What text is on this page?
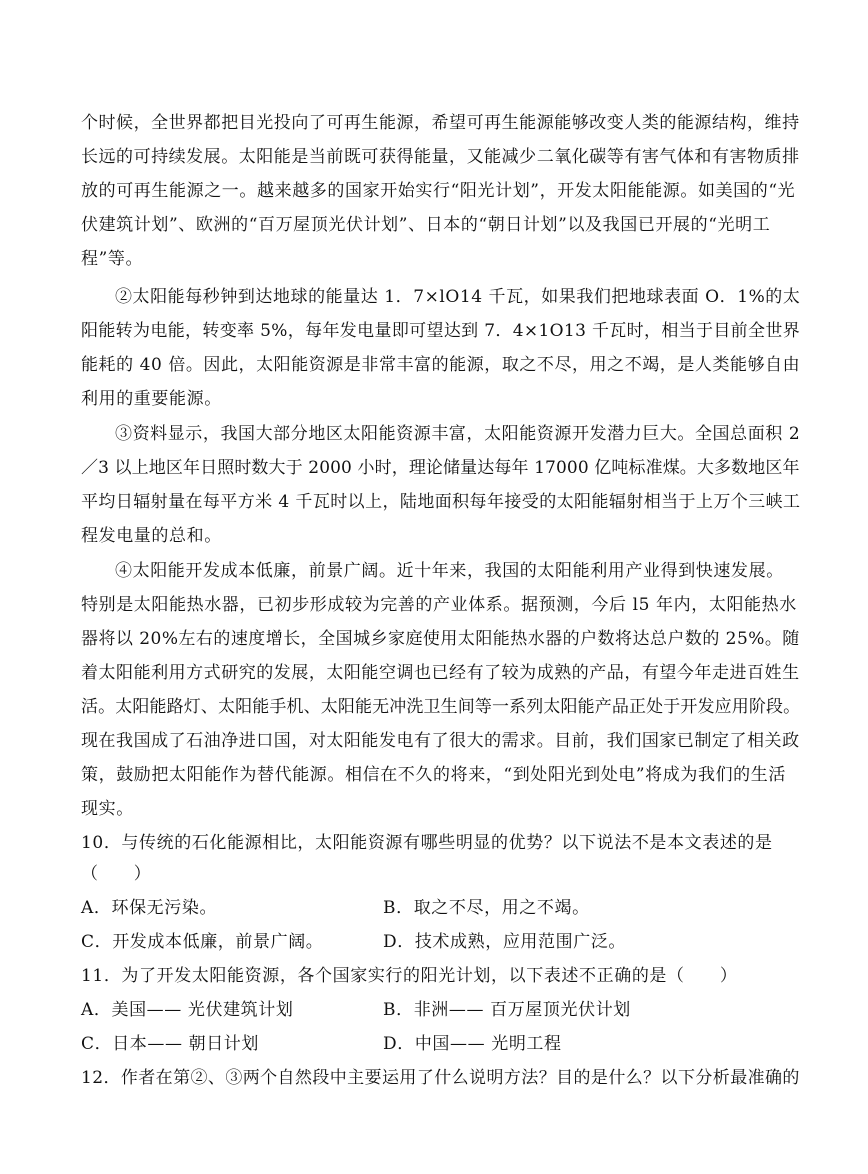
个时候，全世界都把目光投向了可再生能源，希望可再生能源能够改变人类的能源结构，维持
长远的可持续发展。太阳能是当前既可获得能量，又能减少二氧化碳等有害气体和有害物质排
放的可再生能源之一。越来越多的国家开始实行“阳光计划”，开发太阳能能源。如美国的“光
伏建筑计划”、欧洲的“百万屋顶光伏计划”、日本的“朝日计划”以及我国已开展的“光明工
程”等。
②太阳能每秒钟到达地球的能量达 1．7×lO14 千瓦，如果我们把地球表面 O．1%的太
阳能转为电能，转变率 5%，每年发电量即可望达到 7．4×1O13 千瓦时，相当于目前全世界
能耗的 40 倍。因此，太阳能资源是非常丰富的能源，取之不尽，用之不竭，是人类能够自由
利用的重要能源。
③资料显示，我国大部分地区太阳能资源丰富，太阳能资源开发潜力巨大。全国总面积 2
／3 以上地区年日照时数大于 2000 小时，理论储量达每年 17000 亿吨标准煤。大多数地区年
平均日辐射量在每平方米 4 千瓦时以上，陆地面积每年接受的太阳能辐射相当于上万个三峡工
程发电量的总和。
④太阳能开发成本低廉，前景广阔。近十年来，我国的太阳能利用产业得到快速发展。
特别是太阳能热水器，已初步形成较为完善的产业体系。据预测，今后 l5 年内，太阳能热水
器将以 20%左右的速度增长，全国城乡家庭使用太阳能热水器的户数将达总户数的 25%。随
着太阳能利用方式研究的发展，太阳能空调也已经有了较为成熟的产品，有望今年走进百姓生
活。太阳能路灯、太阳能手机、太阳能无冲洗卫生间等一系列太阳能产品正处于开发应用阶段。
现在我国成了石油净进口国，对太阳能发电有了很大的需求。目前，我们国家已制定了相关政
策，鼓励把太阳能作为替代能源。相信在不久的将来，“到处阳光到处电”将成为我们的生活
现实。
10．与传统的石化能源相比，太阳能资源有哪些明显的优势？以下说法不是本文表述的是
（　　）
A．环保无污染。	B．取之不尽，用之不竭。
C．开发成本低廉，前景广阔。	D．技术成熟，应用范围广泛。
11．为了开发太阳能资源，各个国家实行的阳光计划，以下表述不正确的是（　　）
A．美国—— 光伏建筑计划	B．非洲—— 百万屋顶光伏计划
C．日本—— 朝日计划	D．中国—— 光明工程
12．作者在第②、③两个自然段中主要运用了什么说明方法？目的是什么？以下分析最准确的
